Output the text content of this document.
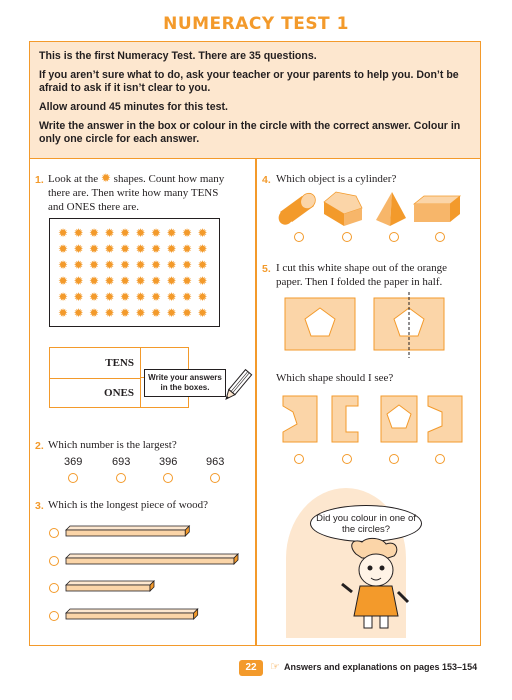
NUMERACY TEST 1

This is the first Numeracy Test. There are 35 questions.

If you aren’t sure what to do, ask your teacher or your parents to help you. Don’t be afraid to ask if it isn’t clear to you.

Allow around 45 minutes for this test.

Write the answer in the box or colour in the circle with the correct answer. Colour in only one circle for each answer.

1. Look at the ✹ shapes. Count how many there are. Then write how many TENS and ONES there are.
✹ ✹ ✹ ✹ ✹ ✹ ✹ ✹ ✹ ✹
✹ ✹ ✹ ✹ ✹ ✹ ✹ ✹ ✹ ✹
✹ ✹ ✹ ✹ ✹ ✹ ✹ ✹ ✹ ✹
✹ ✹ ✹ ✹ ✹ ✹ ✹ ✹ ✹ ✹
✹ ✹ ✹ ✹ ✹ ✹ ✹ ✹ ✹ ✹
✹ ✹ ✹ ✹ ✹ ✹ ✹ ✹ ✹ ✹
TENS
ONES
Write your answers in the boxes.
2. Which number is the largest?
369	693	396	963
3. Which is the longest piece of wood?
4. Which object is a cylinder?
5. I cut this white shape out of the orange paper. Then I folded the paper in half.
Which shape should I see?
Did you colour in one of the circles?
22	☞ Answers and explanations on pages 153–154
